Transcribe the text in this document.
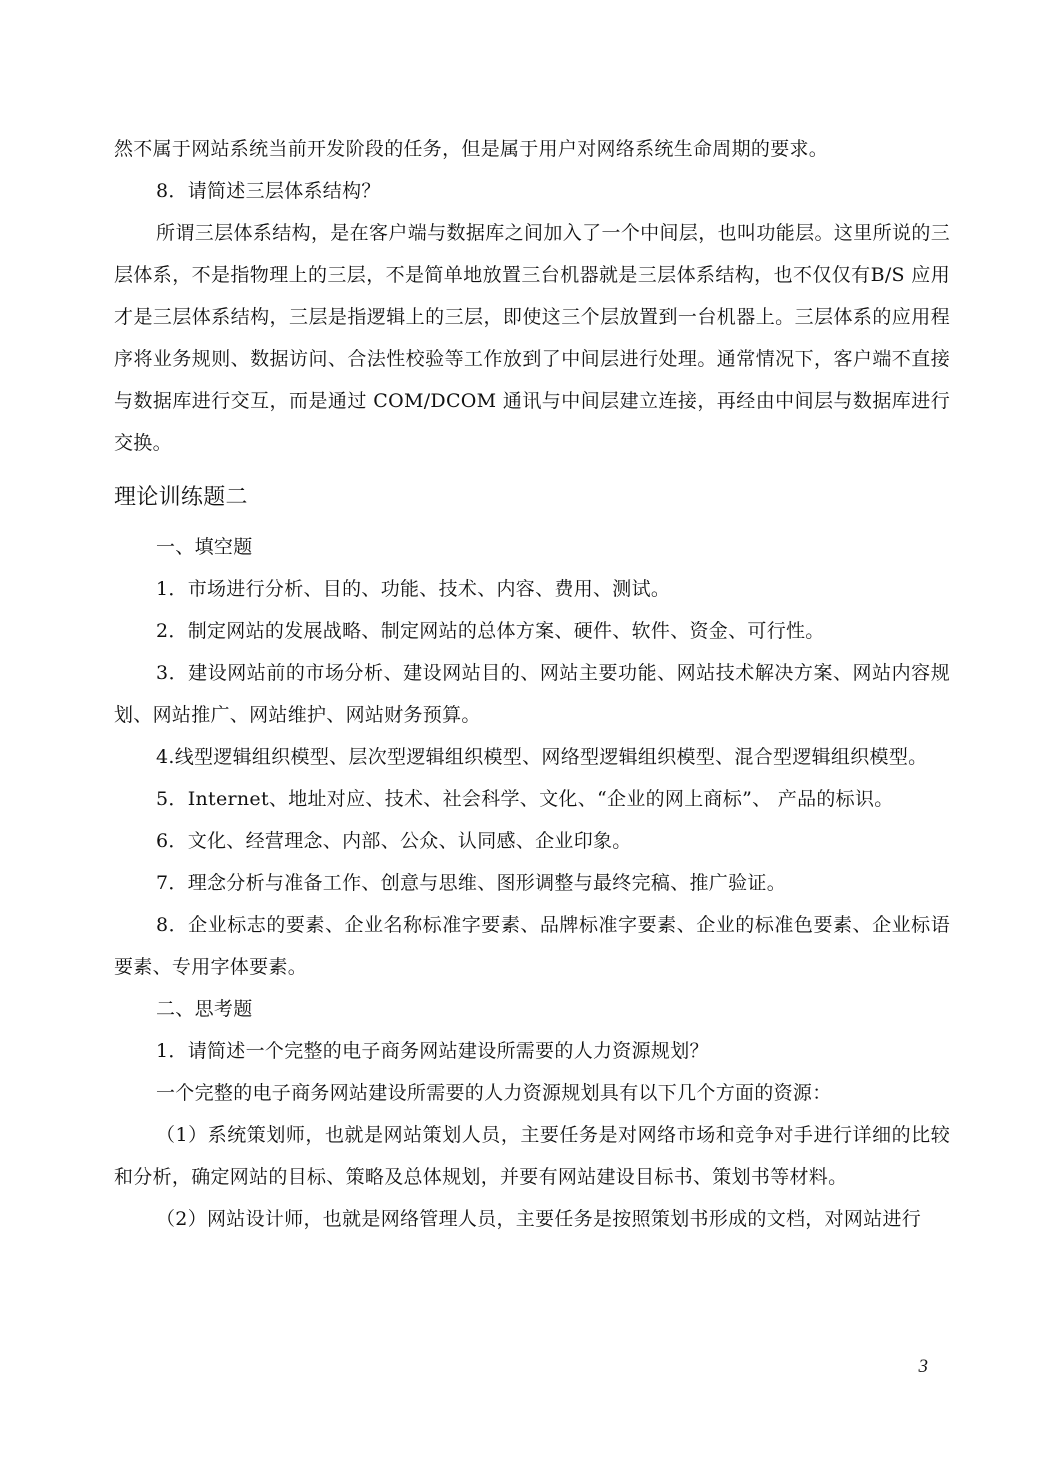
然不属于网站系统当前开发阶段的任务，但是属于用户对网络系统生命周期的要求。

8．请简述三层体系结构？

所谓三层体系结构，是在客户端与数据库之间加入了一个中间层，也叫功能层。这里所说的三层体系，不是指物理上的三层，不是简单地放置三台机器就是三层体系结构，也不仅仅有B/S 应用才是三层体系结构，三层是指逻辑上的三层，即使这三个层放置到一台机器上。三层体系的应用程序将业务规则、数据访问、合法性校验等工作放到了中间层进行处理。通常情况下，客户端不直接与数据库进行交互，而是通过 COM/DCOM 通讯与中间层建立连接，再经由中间层与数据库进行交换。

理论训练题二

一、填空题

1．市场进行分析、目的、功能、技术、内容、费用、测试。

2．制定网站的发展战略、制定网站的总体方案、硬件、软件、资金、可行性。

3．建设网站前的市场分析、建设网站目的、网站主要功能、网站技术解决方案、网站内容规划、网站推广、网站维护、网站财务预算。

4.线型逻辑组织模型、层次型逻辑组织模型、网络型逻辑组织模型、混合型逻辑组织模型。

5．Internet、地址对应、技术、社会科学、文化、“企业的网上商标”、 产品的标识。

6．文化、经营理念、内部、公众、认同感、企业印象。

7．理念分析与准备工作、创意与思维、图形调整与最终完稿、推广验证。

8．企业标志的要素、企业名称标准字要素、品牌标准字要素、企业的标准色要素、企业标语要素、专用字体要素。

二、思考题

1．请简述一个完整的电子商务网站建设所需要的人力资源规划？

一个完整的电子商务网站建设所需要的人力资源规划具有以下几个方面的资源：

（1）系统策划师，也就是网站策划人员，主要任务是对网络市场和竞争对手进行详细的比较和分析，确定网站的目标、策略及总体规划，并要有网站建设目标书、策划书等材料。

（2）网站设计师，也就是网络管理人员，主要任务是按照策划书形成的文档，对网站进行

3
